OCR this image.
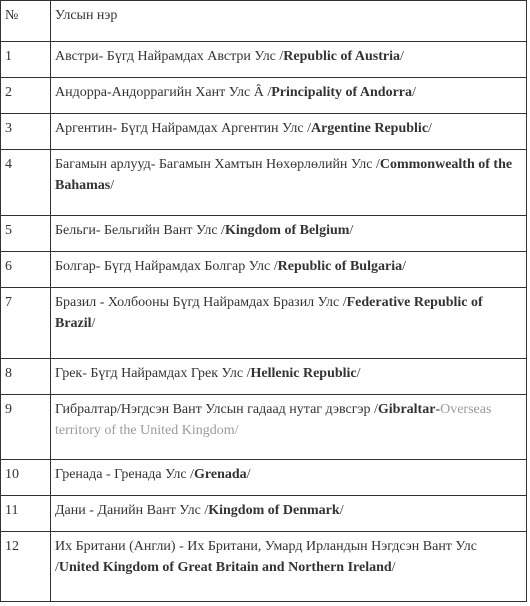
№	Улсын нэр
1	Австри- Бүгд Найрамдах Австри Улс /Republic of Austria/
2	Андорра-Андоррагийн Хант Улс Â /Principality of Andorra/
3	Аргентин- Бүгд Найрамдах Аргентин Улс /Argentine Republic/
4	Багамын арлууд- Багамын Хамтын Нөхөрлөлийн Улс /Commonwealth of the Bahamas/
5	Бельги- Бельгийн Вант Улс /Kingdom of Belgium/
6	Болгар- Бүгд Найрамдах Болгар Улс /Republic of Bulgaria/
7	Бразил - Холбооны Бүгд Найрамдах Бразил Улс /Federative Republic of Brazil/
8	Грек- Бүгд Найрамдах Грек Улс /Hellenic Republic/
9	Гибралтар/Нэгдсэн Вант Улсын гадаад нутаг дэвсгэр /Gibraltar-Overseas territory of the United Kingdom/
10	Гренада - Гренада Улс /Grenada/
11	Дани - Данийн Вант Улс /Kingdom of Denmark/
12	Их Британи (Англи) - Их Британи, Умард Ирландын Нэгдсэн Вант Улс /United Kingdom of Great Britain and Northern Ireland/
